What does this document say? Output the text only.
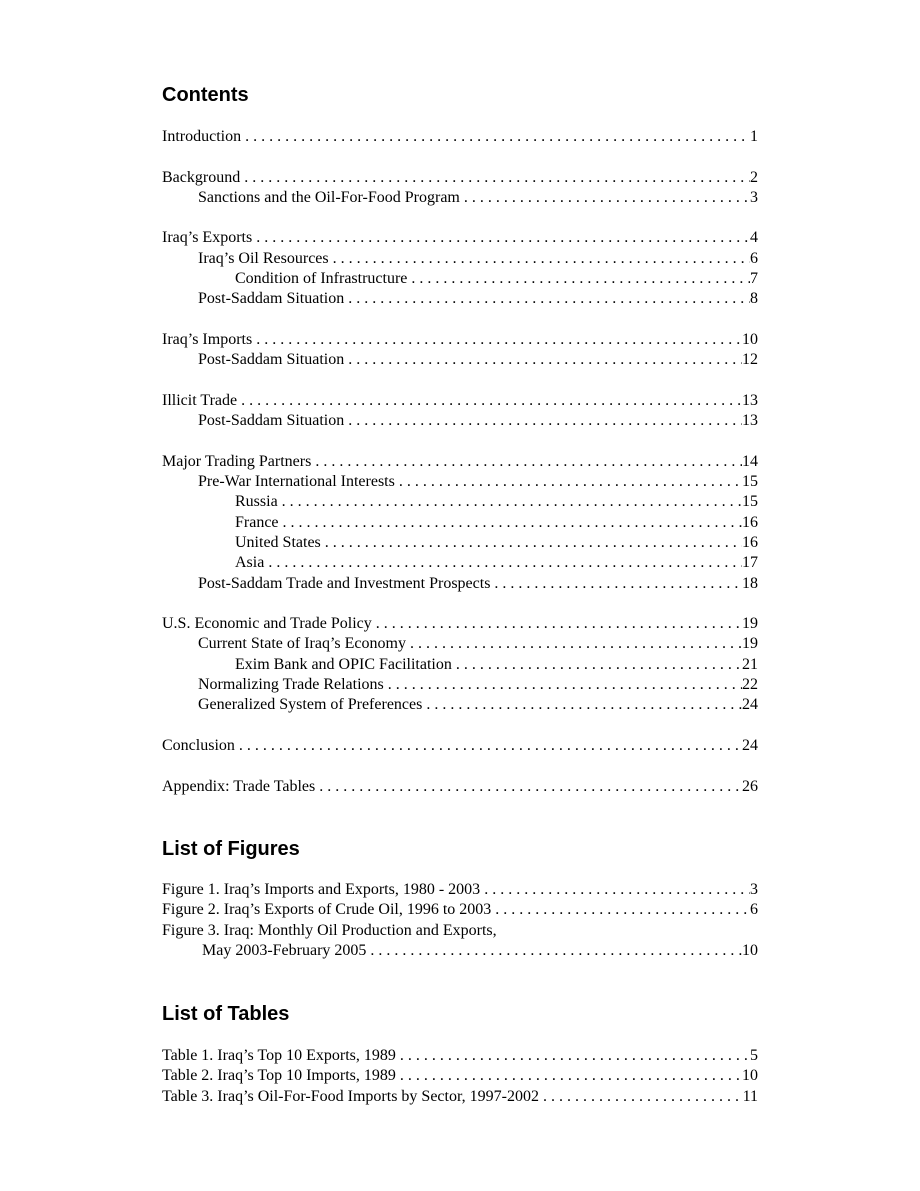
Contents
Introduction . . .	1
Background . . .	2
Sanctions and the Oil-For-Food Program . . .	3
Iraq’s Exports . . .	4
Iraq’s Oil Resources . . .	6
Condition of Infrastructure . . .	7
Post-Saddam Situation . . .	8
Iraq’s Imports . . .	10
Post-Saddam Situation . . .	12
Illicit Trade . . .	13
Post-Saddam Situation . . .	13
Major Trading Partners . . .	14
Pre-War International Interests . . .	15
Russia . . .	15
France . . .	16
United States . . .	16
Asia . . .	17
Post-Saddam Trade and Investment Prospects . . .	18
U.S. Economic and Trade Policy . . .	19
Current State of Iraq’s Economy . . .	19
Exim Bank and OPIC Facilitation . . .	21
Normalizing Trade Relations . . .	22
Generalized System of Preferences . . .	24
Conclusion . . .	24
Appendix: Trade Tables . . .	26
List of Figures
Figure 1. Iraq’s Imports and Exports, 1980 - 2003 . . .	3
Figure 2. Iraq’s Exports of Crude Oil, 1996 to 2003 . . .	6
Figure 3. Iraq: Monthly Oil Production and Exports,
May 2003-February 2005 . . .	10
List of Tables
Table 1. Iraq’s Top 10 Exports, 1989 . . .	5
Table 2. Iraq’s Top 10 Imports, 1989 . . .	10
Table 3. Iraq’s Oil-For-Food Imports by Sector, 1997-2002 . . .	11
